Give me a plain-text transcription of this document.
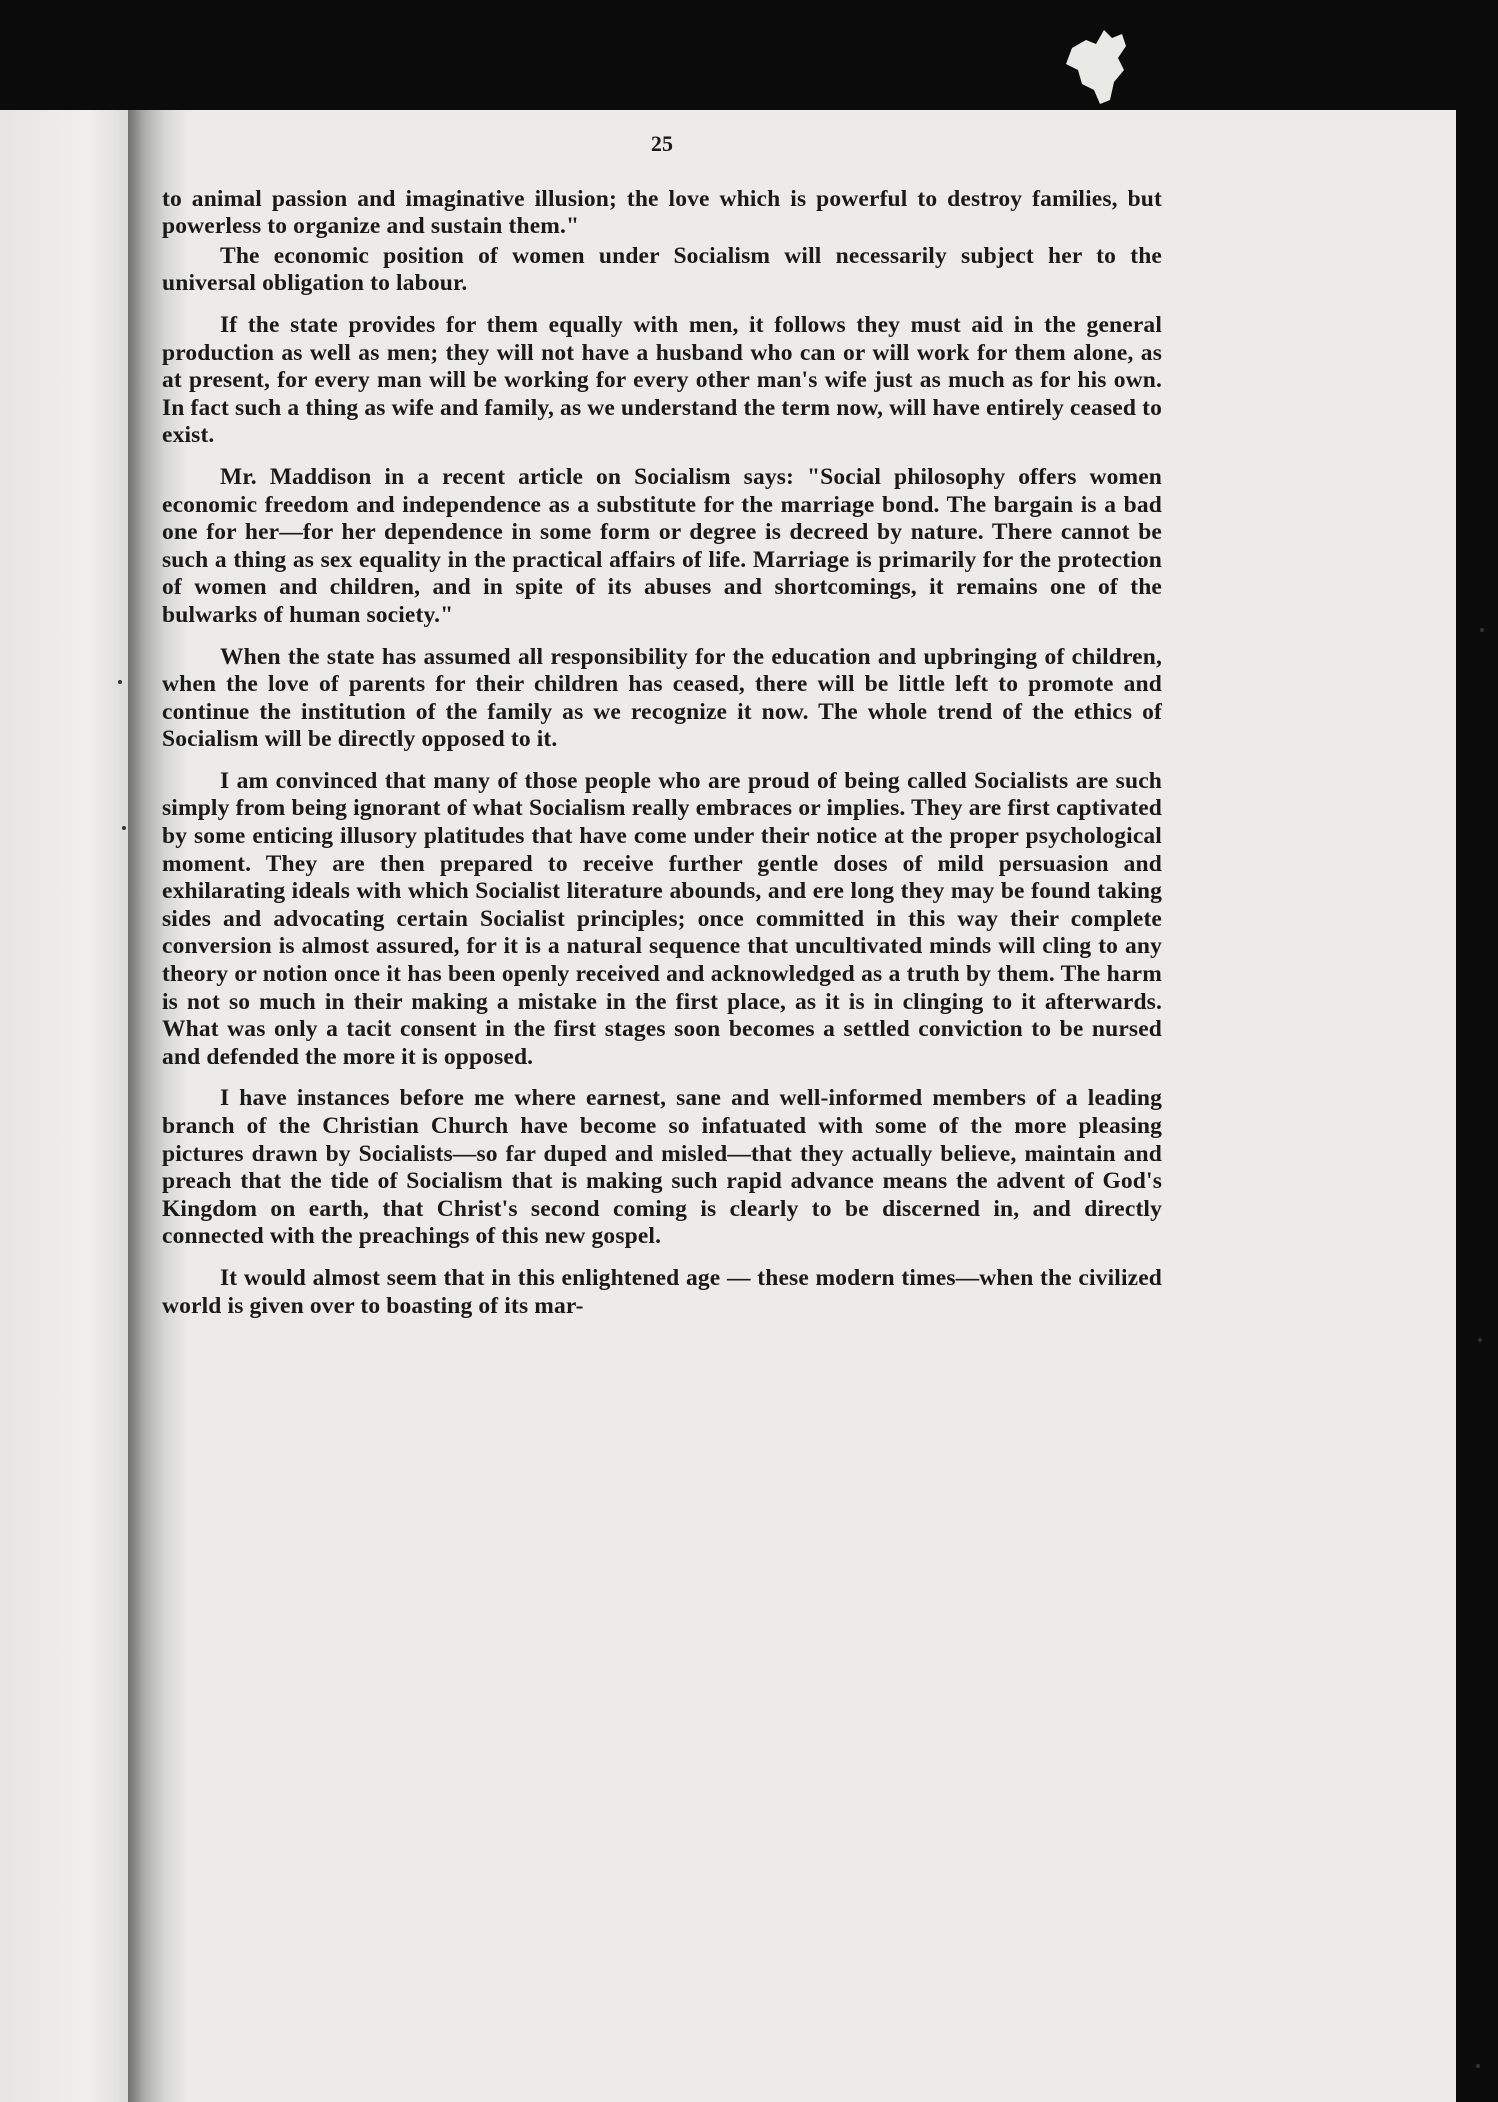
25

to animal passion and imaginative illusion; the love which is powerful to destroy families, but powerless to organize and sustain them."

The economic position of women under Socialism will necessarily subject her to the universal obligation to labour.

If the state provides for them equally with men, it follows they must aid in the general production as well as men; they will not have a husband who can or will work for them alone, as at present, for every man will be working for every other man's wife just as much as for his own. In fact such a thing as wife and family, as we understand the term now, will have entirely ceased to exist.

Mr. Maddison in a recent article on Socialism says: "Social philosophy offers women economic freedom and independence as a substitute for the marriage bond. The bargain is a bad one for her—for her dependence in some form or degree is decreed by nature. There cannot be such a thing as sex equality in the practical affairs of life. Marriage is primarily for the protection of women and children, and in spite of its abuses and shortcomings, it remains one of the bulwarks of human society."

When the state has assumed all responsibility for the education and upbringing of children, when the love of parents for their children has ceased, there will be little left to promote and continue the institution of the family as we recognize it now. The whole trend of the ethics of Socialism will be directly opposed to it.

I am convinced that many of those people who are proud of being called Socialists are such simply from being ignorant of what Socialism really embraces or implies. They are first captivated by some enticing illusory platitudes that have come under their notice at the proper psychological moment. They are then prepared to receive further gentle doses of mild persuasion and exhilarating ideals with which Socialist literature abounds, and ere long they may be found taking sides and advocating certain Socialist principles; once committed in this way their complete conversion is almost assured, for it is a natural sequence that uncultivated minds will cling to any theory or notion once it has been openly received and acknowledged as a truth by them. The harm is not so much in their making a mistake in the first place, as it is in clinging to it afterwards. What was only a tacit consent in the first stages soon becomes a settled conviction to be nursed and defended the more it is opposed.

I have instances before me where earnest, sane and well-informed members of a leading branch of the Christian Church have become so infatuated with some of the more pleasing pictures drawn by Socialists—so far duped and misled—that they actually believe, maintain and preach that the tide of Socialism that is making such rapid advance means the advent of God's Kingdom on earth, that Christ's second coming is clearly to be discerned in, and directly connected with the preachings of this new gospel.

It would almost seem that in this enlightened age — these modern times—when the civilized world is given over to boasting of its mar-
